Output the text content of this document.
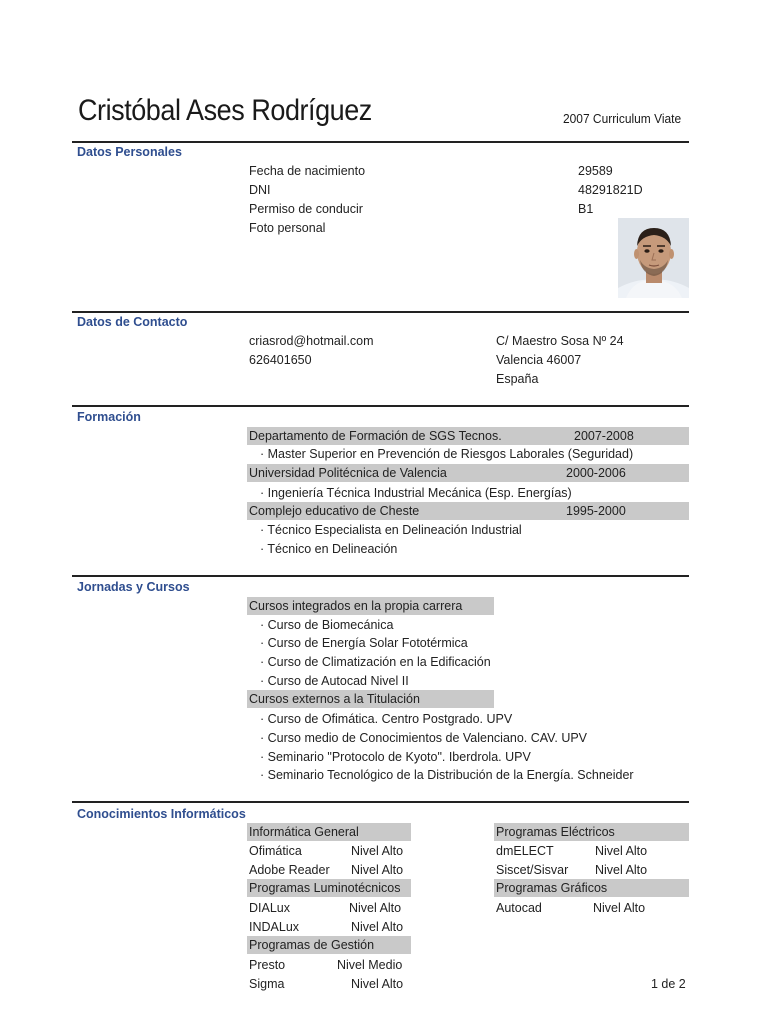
Cristóbal Ases Rodríguez	2007 Curriculum Viate
Datos Personales
Fecha de nacimiento	29589
DNI	48291821D
Permiso de conducir	B1
Foto personal
Datos de Contacto
criasrod@hotmail.com
626401650
C/ Maestro Sosa Nº 24
Valencia 46007
España
Formación
Departamento de Formación de SGS Tecnos.	2007-2008
· Master Superior en Prevención de Riesgos Laborales (Seguridad)
Universidad Politécnica de Valencia	2000-2006
· Ingeniería Técnica Industrial Mecánica (Esp. Energías)
Complejo educativo de Cheste	1995-2000
· Técnico Especialista en Delineación Industrial
· Técnico en Delineación
Jornadas y Cursos
Cursos integrados en la propia carrera
· Curso de Biomecánica
· Curso de Energía Solar Fototérmica
· Curso de Climatización en la Edificación
· Curso de Autocad Nivel II
Cursos externos a la Titulación
· Curso de Ofimática. Centro Postgrado. UPV
· Curso medio de Conocimientos de Valenciano. CAV. UPV
· Seminario "Protocolo de Kyoto". Iberdrola. UPV
· Seminario Tecnológico de la Distribución de la Energía. Schneider
Conocimientos Informáticos
Informática General
Ofimática	Nivel Alto
Adobe Reader Nivel Alto
Programas Luminotécnicos
DIALux	Nivel Alto
INDALux	Nivel Alto
Programas de Gestión
Presto	Nivel Medio
Sigma	Nivel Alto
Programas Eléctricos
dmELECT	Nivel Alto
Siscet/Sisvar Nivel Alto
Programas Gráficos
Autocad	Nivel Alto
1 de 2
